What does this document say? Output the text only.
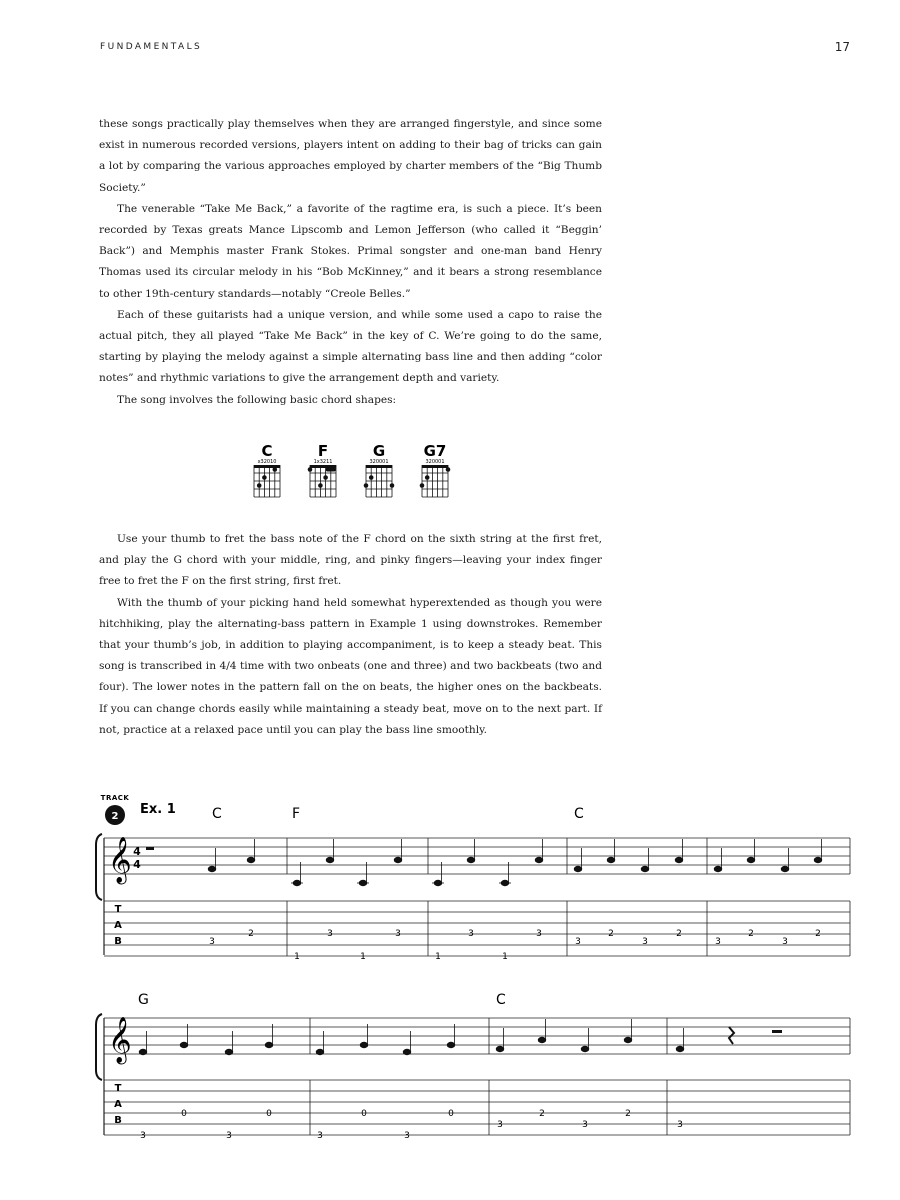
FUNDAMENTALS	17

these songs practically play themselves when they are arranged fingerstyle, and since some exist in numerous recorded versions, players intent on adding to their bag of tricks can gain a lot by comparing the various approaches employed by charter members of the “Big Thumb Society.”

The venerable “Take Me Back,” a favorite of the ragtime era, is such a piece. It’s been recorded by Texas greats Mance Lipscomb and Lemon Jefferson (who called it “Beggin’ Back”) and Memphis master Frank Stokes. Primal songster and one-man band Henry Thomas used its circular melody in his “Bob McKinney,” and it bears a strong resemblance to other 19th-century standards—notably “Creole Belles.”

Each of these guitarists had a unique version, and while some used a capo to raise the actual pitch, they all played “Take Me Back” in the key of C. We’re going to do the same, starting by playing the melody against a simple alternating bass line and then adding “color notes” and rhythmic variations to give the arrangement depth and variety.

The song involves the following basic chord shapes:

C
x32010
F
1x3211
G
320001
G7
320001

Use your thumb to fret the bass note of the F chord on the sixth string at the first fret, and play the G chord with your middle, ring, and pinky fingers—leaving your index finger free to fret the F on the first string, first fret.

With the thumb of your picking hand held somewhat hyperextended as though you were hitchhiking, play the alternating-bass pattern in Example 1 using downstrokes. Remember that your thumb’s job, in addition to playing accompaniment, is to keep a steady beat. This song is transcribed in 4/4 time with two onbeats (one and three) and two backbeats (two and four). The lower notes in the pattern fall on the on beats, the higher ones on the backbeats. If you can change chords easily while maintaining a steady beat, move on to the next part. If not, practice at a relaxed pace until you can play the bass line smoothly.

2
TRACK
Ex. 1	C	F	C
𝄞 4
4
T
A
B	3
2	3	3
1	1
3	3
1	1
3
2
3
2
3
2
3
2
G	C
𝄞
T
A
B
0	0
3	3
0	0
3	3
3
2
3
2
3
